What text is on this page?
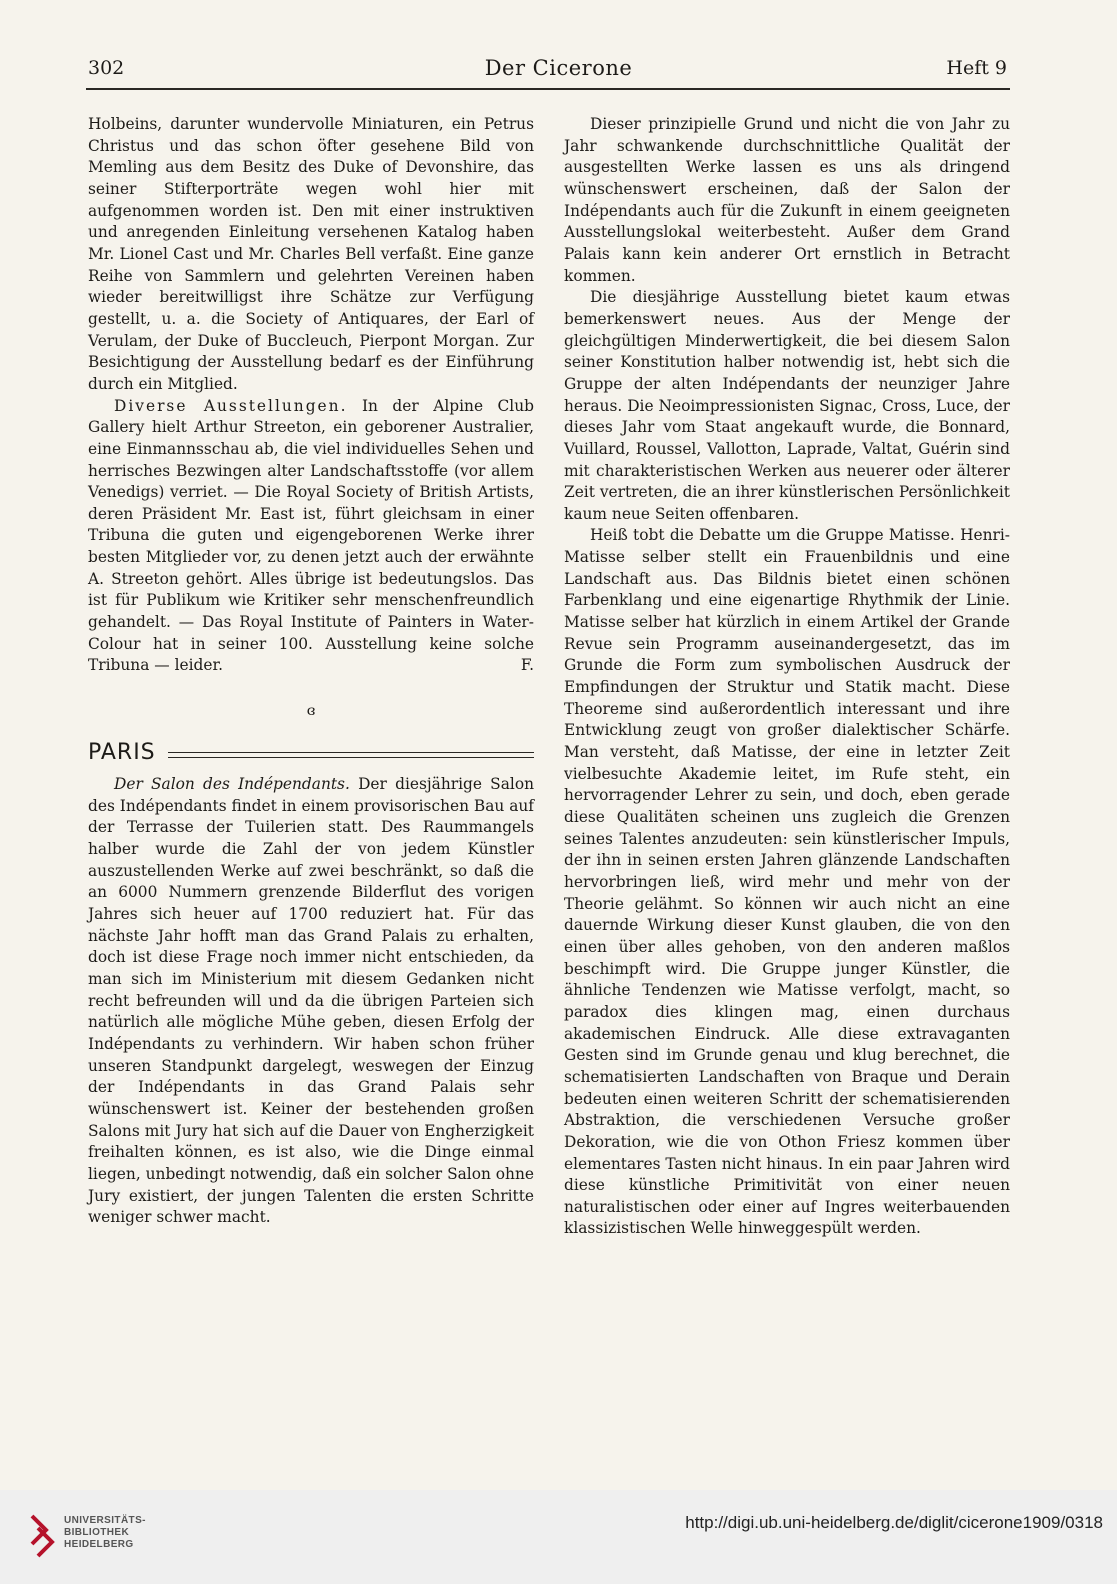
302	Der Cicerone	Heft 9

Holbeins, darunter wundervolle Miniaturen, ein Petrus Christus und das schon öfter gesehene Bild von Memling aus dem Besitz des Duke of Devonshire, das seiner Stifterporträte wegen wohl hier mit aufgenommen worden ist. Den mit einer instruktiven und anregenden Einleitung versehenen Katalog haben Mr. Lionel Cast und Mr. Charles Bell verfaßt. Eine ganze Reihe von Sammlern und gelehrten Vereinen haben wieder bereitwilligst ihre Schätze zur Verfügung gestellt, u. a. die Society of Antiquares, der Earl of Verulam, der Duke of Buccleuch, Pierpont Morgan. Zur Besichtigung der Ausstellung bedarf es der Einführung durch ein Mitglied.

Diverse Ausstellungen. In der Alpine Club Gallery hielt Arthur Streeton, ein geborener Australier, eine Einmannsschau ab, die viel individuelles Sehen und herrisches Bezwingen alter Landschaftsstoffe (vor allem Venedigs) verriet. — Die Royal Society of British Artists, deren Präsident Mr. East ist, führt gleichsam in einer Tribuna die guten und eigengeborenen Werke ihrer besten Mitglieder vor, zu denen jetzt auch der erwähnte A. Streeton gehört. Alles übrige ist bedeutungslos. Das ist für Publikum wie Kritiker sehr menschenfreundlich gehandelt. — Das Royal Institute of Painters in Water-Colour hat in seiner 100. Ausstellung keine solche Tribuna — leider.	F.

ɞ
PARIS

Der Salon des Indépendants. Der diesjährige Salon des Indépendants findet in einem provisorischen Bau auf der Terrasse der Tuilerien statt. Des Raummangels halber wurde die Zahl der von jedem Künstler auszustellenden Werke auf zwei beschränkt, so daß die an 6000 Nummern grenzende Bilderflut des vorigen Jahres sich heuer auf 1700 reduziert hat. Für das nächste Jahr hofft man das Grand Palais zu erhalten, doch ist diese Frage noch immer nicht entschieden, da man sich im Ministerium mit diesem Gedanken nicht recht befreunden will und da die übrigen Parteien sich natürlich alle mögliche Mühe geben, diesen Erfolg der Indépendants zu verhindern. Wir haben schon früher unseren Standpunkt dargelegt, weswegen der Einzug der Indépendants in das Grand Palais sehr wünschenswert ist. Keiner der bestehenden großen Salons mit Jury hat sich auf die Dauer von Engherzigkeit freihalten können, es ist also, wie die Dinge einmal liegen, unbedingt notwendig, daß ein solcher Salon ohne Jury existiert, der jungen Talenten die ersten Schritte weniger schwer macht.

Dieser prinzipielle Grund und nicht die von Jahr zu Jahr schwankende durchschnittliche Qualität der ausgestellten Werke lassen es uns als dringend wünschenswert erscheinen, daß der Salon der Indépendants auch für die Zukunft in einem geeigneten Ausstellungslokal weiterbesteht. Außer dem Grand Palais kann kein anderer Ort ernstlich in Betracht kommen.

Die diesjährige Ausstellung bietet kaum etwas bemerkenswert neues. Aus der Menge der gleichgültigen Minderwertigkeit, die bei diesem Salon seiner Konstitution halber notwendig ist, hebt sich die Gruppe der alten Indépendants der neunziger Jahre heraus. Die Neoimpressionisten Signac, Cross, Luce, der dieses Jahr vom Staat angekauft wurde, die Bonnard, Vuillard, Roussel, Vallotton, Laprade, Valtat, Guérin sind mit charakteristischen Werken aus neuerer oder älterer Zeit vertreten, die an ihrer künstlerischen Persönlichkeit kaum neue Seiten offenbaren.

Heiß tobt die Debatte um die Gruppe Matisse. Henri-Matisse selber stellt ein Frauenbildnis und eine Landschaft aus. Das Bildnis bietet einen schönen Farbenklang und eine eigenartige Rhythmik der Linie. Matisse selber hat kürzlich in einem Artikel der Grande Revue sein Programm auseinandergesetzt, das im Grunde die Form zum symbolischen Ausdruck der Empfindungen der Struktur und Statik macht. Diese Theoreme sind außerordentlich interessant und ihre Entwicklung zeugt von großer dialektischer Schärfe. Man versteht, daß Matisse, der eine in letzter Zeit vielbesuchte Akademie leitet, im Rufe steht, ein hervorragender Lehrer zu sein, und doch, eben gerade diese Qualitäten scheinen uns zugleich die Grenzen seines Talentes anzudeuten: sein künstlerischer Impuls, der ihn in seinen ersten Jahren glänzende Landschaften hervorbringen ließ, wird mehr und mehr von der Theorie gelähmt. So können wir auch nicht an eine dauernde Wirkung dieser Kunst glauben, die von den einen über alles gehoben, von den anderen maßlos beschimpft wird. Die Gruppe junger Künstler, die ähnliche Tendenzen wie Matisse verfolgt, macht, so paradox dies klingen mag, einen durchaus akademischen Eindruck. Alle diese extravaganten Gesten sind im Grunde genau und klug berechnet, die schematisierten Landschaften von Braque und Derain bedeuten einen weiteren Schritt der schematisierenden Abstraktion, die verschiedenen Versuche großer Dekoration, wie die von Othon Friesz kommen über elementares Tasten nicht hinaus. In ein paar Jahren wird diese künstliche Primitivität von einer neuen naturalistischen oder einer auf Ingres weiterbauenden klassizistischen Welle hinweggespült werden.

UNIVERSITÄTS-
BIBLIOTHEK
HEIDELBERG
http://digi.ub.uni-heidelberg.de/diglit/cicerone1909/0318
